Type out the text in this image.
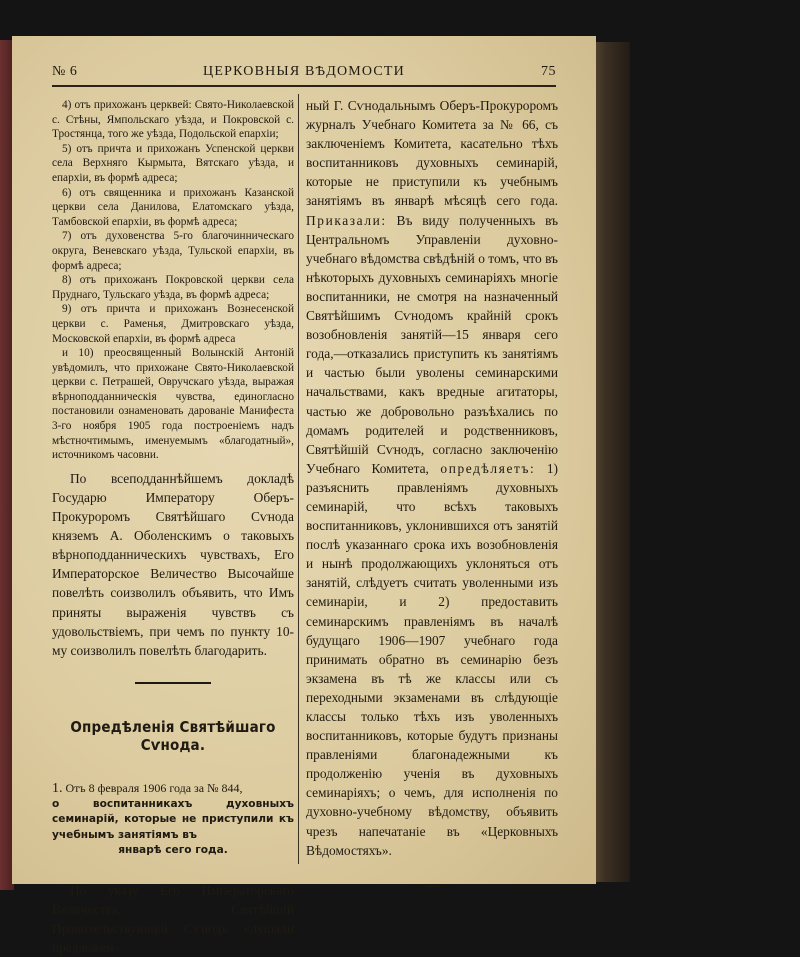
№ 6	ЦЕРКОВНЫЯ ВѢДОМОСТИ	75

4) отъ прихожанъ церквей: Свято-Николаевской с. Стѣны, Ямпольскаго уѣзда, и Покровской с. Тростянца, того же уѣзда, Подольской епархіи;

5) отъ причта и прихожанъ Успенской церкви села Верхняго Кырмыта, Вятскаго уѣзда, и епархіи, въ формѣ адреса;

6) отъ священника и прихожанъ Казанской церкви села Данилова, Елатомскаго уѣзда, Тамбовской епархіи, въ формѣ адреса;

7) отъ духовенства 5-го благочинническаго округа, Веневскаго уѣзда, Тульской епархіи, въ формѣ адреса;

8) отъ прихожанъ Покровской церкви села Пруднаго, Тульскаго уѣзда, въ формѣ адреса;

9) отъ причта и прихожанъ Вознесенской церкви с. Раменья, Дмитровскаго уѣзда, Московской епархіи, въ формѣ адреса

и 10) преосвященный Волынскій Антоній увѣдомилъ, что прихожане Свято-Николаевской церкви с. Петрашей, Овручскаго уѣзда, выражая вѣрноподданническія чувства, единогласно постановили ознаменовать дарованіе Манифеста 3-го ноября 1905 года построеніемъ надъ мѣстночтимымъ, именуемымъ «благодатный», источникомъ часовни.

По всеподданнѣйшемъ докладѣ Государю Императору Оберъ-Прокуроромъ Святѣйшаго Сѵнода княземъ А. Оболенскимъ о таковыхъ вѣрноподданническихъ чувствахъ, Его Императорское Величество Высочайше повелѣть соизволилъ объявить, что Имъ приняты выраженія чувствъ съ удовольствіемъ, при чемъ по пункту 10-му соизволилъ повелѣть благодарить.

Опредѣленія Святѣйшаго Сѵнода.
1. Отъ 8 февраля 1906 года за № 844,
о воспитанникахъ духовныхъ семинарій, которые не приступили къ учебнымъ занятіямъ въ
январѣ сего года.

По указу Его Императорскаго Величества, Святѣйшій Правительствующій Сѵнодъ слушали предложен-

ный Г. Сѵнодальнымъ Оберъ-Прокуроромъ журналъ Учебнаго Комитета за № 66, съ заключеніемъ Комитета, касательно тѣхъ воспитанниковъ духовныхъ семинарій, которые не приступили къ учебнымъ занятіямъ въ январѣ мѣсяцѣ сего года. Приказали: Въ виду полученныхъ въ Центральномъ Управленіи духовно-учебнаго вѣдомства свѣдѣній о томъ, что въ нѣкоторыхъ духовныхъ семинаріяхъ многіе воспитанники, не смотря на назначенный Святѣйшимъ Сѵнодомъ крайній срокъ возобновленія занятій—15 января сего года,—отказались приступить къ занятіямъ и частью были уволены семинарскими начальствами, какъ вредные агитаторы, частью же добровольно разъѣхались по домамъ родителей и родственниковъ, Святѣйшій Сѵнодъ, согласно заключенію Учебнаго Комитета, опредѣляетъ: 1) разъяснить правленіямъ духовныхъ семинарій, что всѣхъ таковыхъ воспитанниковъ, уклонившихся отъ занятій послѣ указаннаго срока ихъ возобновленія и нынѣ продолжающихъ уклоняться отъ занятій, слѣдуетъ считать уволенными изъ семинаріи, и 2) предоставить семинарскимъ правленіямъ въ началѣ будущаго 1906—1907 учебнаго года принимать обратно въ семинарію безъ экзамена въ тѣ же классы или съ переходными экзаменами въ слѣдующіе классы только тѣхъ изъ уволенныхъ воспитанниковъ, которые будутъ признаны правленіями благонадежными къ продолженію ученія въ духовныхъ семинаріяхъ; о чемъ, для исполненія по духовно-учебному вѣдомству, объявить чрезъ напечатаніе въ «Церковныхъ Вѣдомостяхъ».
